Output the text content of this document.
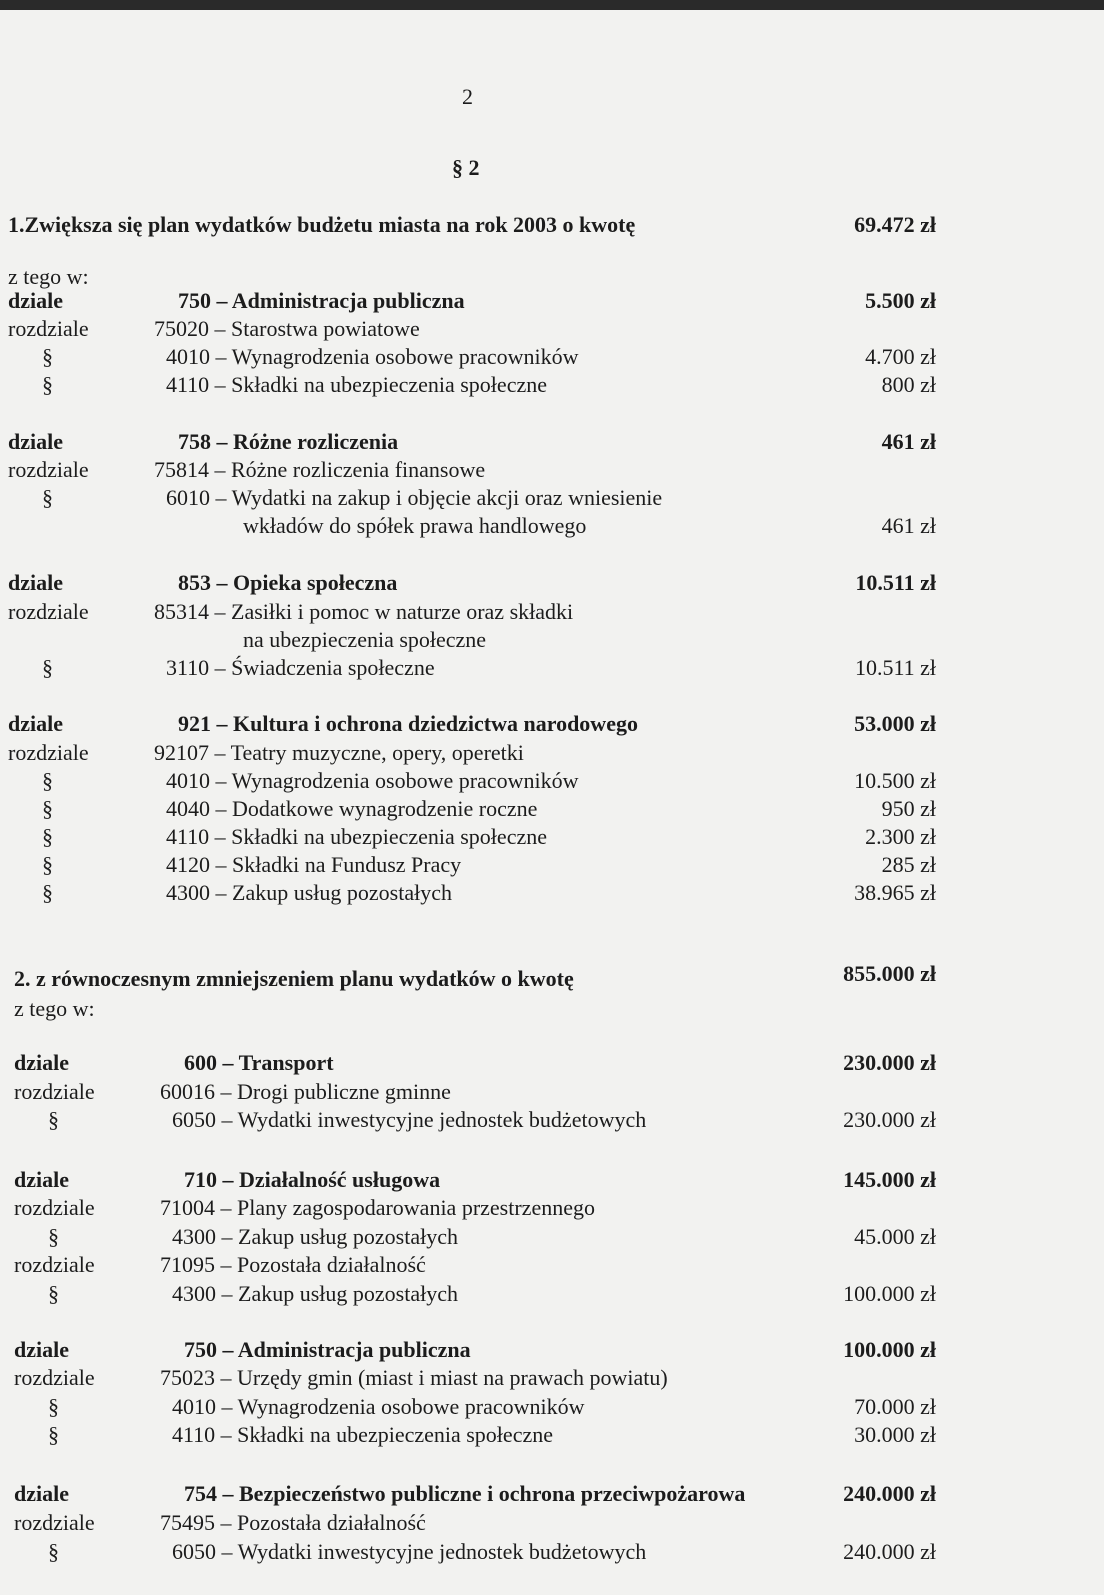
2
§ 2
1.Zwiększa się plan wydatków budżetu miasta na rok 2003 o kwotę	69.472 zł
z tego w:
dziale	750 – Administracja publiczna	5.500 zł
rozdziale	75020 – Starostwa powiatowe
§	4010 – Wynagrodzenia osobowe pracowników	4.700 zł
§	4110 – Składki na ubezpieczenia społeczne	800 zł
dziale	758 – Różne rozliczenia	461 zł
rozdziale	75814 – Różne rozliczenia finansowe
§	6010 – Wydatki na zakup i objęcie akcji oraz wniesienie
wkładów do spółek prawa handlowego	461 zł
dziale	853 – Opieka społeczna	10.511 zł
rozdziale	85314 – Zasiłki i pomoc w naturze oraz składki
na ubezpieczenia społeczne
§	3110 – Świadczenia społeczne	10.511 zł
dziale	921 – Kultura i ochrona dziedzictwa narodowego	53.000 zł
rozdziale	92107 – Teatry muzyczne, opery, operetki
§	4010 – Wynagrodzenia osobowe pracowników	10.500 zł
§	4040 – Dodatkowe wynagrodzenie roczne	950 zł
§	4110 – Składki na ubezpieczenia społeczne	2.300 zł
§	4120 – Składki na Fundusz Pracy	285 zł
§	4300 – Zakup usług pozostałych	38.965 zł
2. z równoczesnym zmniejszeniem planu wydatków o kwotę	855.000 zł
z tego w:
dziale	600 – Transport	230.000 zł
rozdziale	60016 – Drogi publiczne gminne
§	6050 – Wydatki inwestycyjne jednostek budżetowych	230.000 zł
dziale	710 – Działalność usługowa	145.000 zł
rozdziale	71004 – Plany zagospodarowania przestrzennego
§	4300 – Zakup usług pozostałych	45.000 zł
rozdziale	71095 – Pozostała działalność
§	4300 – Zakup usług pozostałych	100.000 zł
dziale	750 – Administracja publiczna	100.000 zł
rozdziale	75023 – Urzędy gmin (miast i miast na prawach powiatu)
§	4010 – Wynagrodzenia osobowe pracowników	70.000 zł
§	4110 – Składki na ubezpieczenia społeczne	30.000 zł
dziale	754 – Bezpieczeństwo publiczne i ochrona przeciwpożarowa	240.000 zł
rozdziale	75495 – Pozostała działalność
§	6050 – Wydatki inwestycyjne jednostek budżetowych	240.000 zł
